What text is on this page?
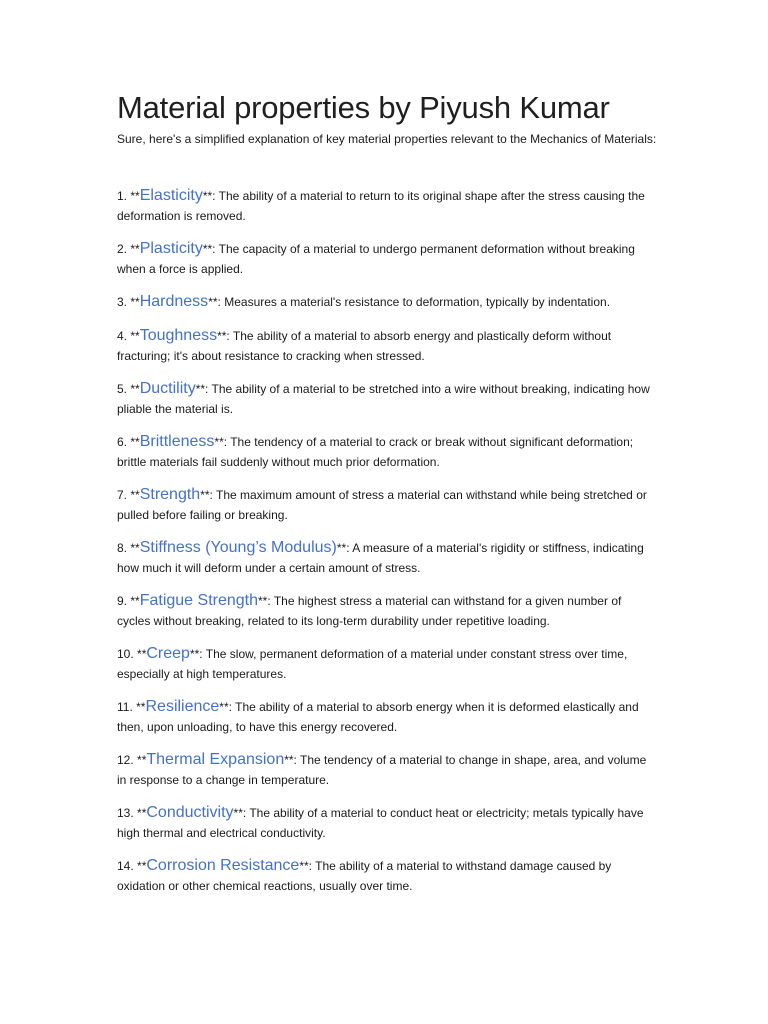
Material properties by Piyush Kumar

Sure, here's a simplified explanation of key material properties relevant to the Mechanics of Materials:

1. **Elasticity**: The ability of a material to return to its original shape after the stress causing the deformation is removed.
2. **Plasticity**: The capacity of a material to undergo permanent deformation without breaking when a force is applied.
3. **Hardness**: Measures a material's resistance to deformation, typically by indentation.
4. **Toughness**: The ability of a material to absorb energy and plastically deform without fracturing; it's about resistance to cracking when stressed.
5. **Ductility**: The ability of a material to be stretched into a wire without breaking, indicating how pliable the material is.
6. **Brittleness**: The tendency of a material to crack or break without significant deformation; brittle materials fail suddenly without much prior deformation.
7. **Strength**: The maximum amount of stress a material can withstand while being stretched or pulled before failing or breaking.
8. **Stiffness (Young’s Modulus)**: A measure of a material's rigidity or stiffness, indicating how much it will deform under a certain amount of stress.
9. **Fatigue Strength**: The highest stress a material can withstand for a given number of cycles without breaking, related to its long-term durability under repetitive loading.
10. **Creep**: The slow, permanent deformation of a material under constant stress over time, especially at high temperatures.
11. **Resilience**: The ability of a material to absorb energy when it is deformed elastically and then, upon unloading, to have this energy recovered.
12. **Thermal Expansion**: The tendency of a material to change in shape, area, and volume in response to a change in temperature.
13. **Conductivity**: The ability of a material to conduct heat or electricity; metals typically have high thermal and electrical conductivity.
14. **Corrosion Resistance**: The ability of a material to withstand damage caused by oxidation or other chemical reactions, usually over time.
